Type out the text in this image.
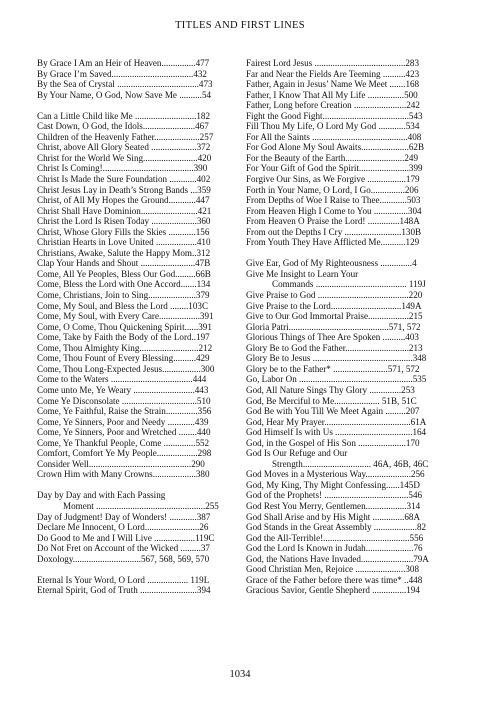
TITLES AND FIRST LINES
By Grace I Am an Heir of Heaven...............477
By Grace I’m Saved....................................432
By the Sea of Crystal ....................................473
By Your Name, O God, Now Save Me ..........54
Can a Little Child like Me ...........................182
Cast Down, O God, the Idols.......................467
Children of the Heavenly Father....................257
Christ, above All Glory Seated ....................372
Christ for the World We Sing........................420
Christ Is Coming!........................................390
Christ Is Made the Sure Foundation ............402
Christ Jesus Lay in Death’s Strong Bands ...359
Christ, of All My Hopes the Ground............447
Christ Shall Have Dominion.........................421
Christ the Lord Is Risen Today ....................360
Christ, Whose Glory Fills the Skies ............156
Christian Hearts in Love United ..................410
Christians, Awake, Salute the Happy Mom..312
Clap Your Hands and Shout ........................47B
Come, All Ye Peoples, Bless Our God.........66B
Come, Bless the Lord with One Accord.......134
Come, Christians, Join to Sing.....................379
Come, My Soul, and Bless the Lord ........103C
Come, My Soul, with Every Care..................391
Come, O Come, Thou Quickening Spirit......391
Come, Take by Faith the Body of the Lord..197
Come, Thou Almighty King..........................212
Come, Thou Fount of Every Blessing..........429
Come, Thou Long-Expected Jesus.................300
Come to the Waters ....................................444
Come unto Me, Ye Weary ...........................443
Come Ye Disconsolate .................................510
Come, Ye Faithful, Raise the Strain..............356
Come, Ye Sinners, Poor and Needy ............439
Come, Ye Sinners, Poor and Wretched ........440
Come, Ye Thankful People, Come ..............552
Comfort, Comfort Ye My People..................298
Consider Well.............................................290
Crown Him with Many Crowns...................380
Day by Day and with Each Passing
Moment ................................................255
Day of Judgment! Day of Wonders! ............387
Declare Me Innocent, O Lord........................26
Do Good to Me and I Will Live ..................119C
Do Not Fret on Account of the Wicked .........37
Doxology..............................567, 568, 569, 570
Eternal Is Your Word, O Lord .................. 119L
Eternal Spirit, God of Truth .........................394
Fairest Lord Jesus ........................................283
Far and Near the Fields Are Teeming ..........423
Father, Again in Jesus’ Name We Meet .......168
Father, I Know That All My Life ................500
Father, Long before Creation .......................242
Fight the Good Fight......................................543
Fill Thou My Life, O Lord My God ............534
For All the Saints ..........................................408
For God Alone My Soul Awaits.....................62B
For the Beauty of the Earth..........................249
For Your Gift of God the Spirit......................399
Forgive Our Sins, as We Forgive .................179
Forth in Your Name, O Lord, I Go...............206
From Depths of Woe I Raise to Thee............503
From Heaven High I Come to You ...............304
From Heaven O Praise the Lord! ..............148A
From out the Depths I Cry .........................130B
From Youth They Have Afflicted Me...........129
Give Ear, God of My Righteousness ..............4
Give Me Insight to Learn Your
Commands ........................................ 119J
Give Praise to God ........................................220
Give Praise to the Lord...............................149A
Give to Our God Immortal Praise..................215
Gloria Patri............................................571, 572
Glorious Things of Thee Are Spoken ..........403
Glory Be to God the Father............................213
Glory Be to Jesus ............................................348
Glory be to the Father* ........................571, 572
Go, Labor On ..................................................535
God, All Nature Sings Thy Glory ..............253
God, Be Merciful to Me.................... 51B, 51C
God Be with You Till We Meet Again .........207
God, Hear My Prayer......................................61A
God Himself Is with Us ..................................164
God, in the Gospel of His Son .....................170
God Is Our Refuge and Our
Strength.............................. 46A, 46B, 46C
God Moves in a Mysterious Way....................256
God, My King, Thy Might Confessing......145D
God of the Prophets! .....................................546
God Rest You Merry, Gentlemen..................314
God Shall Arise and by His Might ..............68A
God Stands in the Great Assembly ...................82
God the All-Terrible!......................................556
God the Lord Is Known in Judah.....................76
God, the Nations Have Invaded.......................79A
Good Christian Men, Rejoice ......................308
Grace of the Father before there was time* ..448
Gracious Savior, Gentle Shepherd ...............194
1034
